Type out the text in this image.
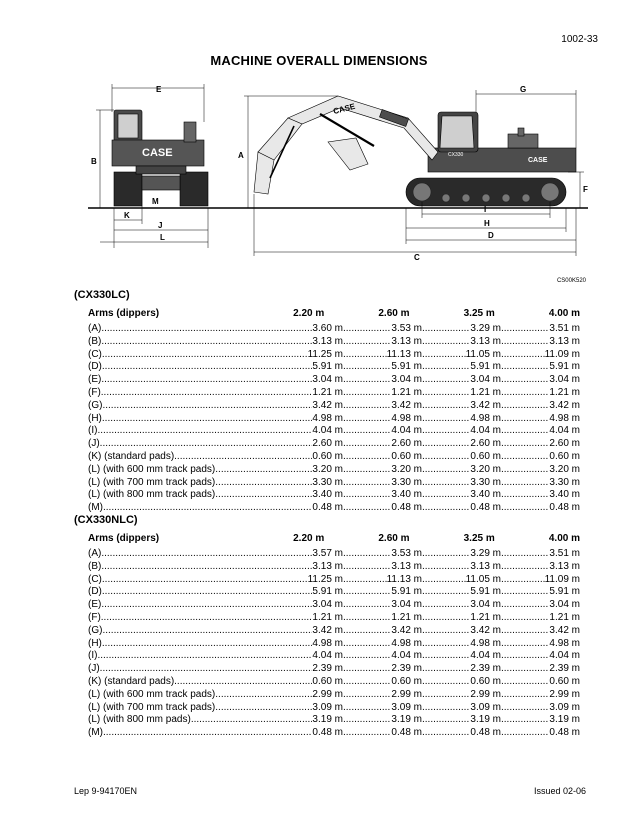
1002-33
MACHINE OVERALL DIMENSIONS
CASE
CASE
CASE
CX330
E
B
A
G
F
K
J
L
M
I
H
D
C
CS00K520
(CX330LC)
Arms (dippers)	2.20 m	2.60 m	3.25 m	4.00 m
(A) .....	3.60 m .....	3.53 m .....	3.29 m .....	3.51 m
(B) .....	3.13 m .....	3.13 m .....	3.13 m .....	3.13 m
(C) .....	11.25 m .....	11.13 m .....	11.05 m .....	11.09 m
(D) .....	5.91 m .....	5.91 m .....	5.91 m .....	5.91 m
(E) .....	3.04 m .....	3.04 m .....	3.04 m .....	3.04 m
(F) .....	1.21 m .....	1.21 m .....	1.21 m .....	1.21 m
(G) .....	3.42 m .....	3.42 m .....	3.42 m .....	3.42 m
(H) .....	4.98 m .....	4.98 m .....	4.98 m .....	4.98 m
(I) .....	4.04 m .....	4.04 m .....	4.04 m .....	4.04 m
(J) .....	2.60 m .....	2.60 m .....	2.60 m .....	2.60 m
(K) (standard pads) .....	0.60 m .....	0.60 m .....	0.60 m .....	0.60 m
(L) (with 600 mm track pads) .....	3.20 m .....	3.20 m .....	3.20 m .....	3.20 m
(L) (with 700 mm track pads) .....	3.30 m .....	3.30 m .....	3.30 m .....	3.30 m
(L) (with 800 mm track pads) .....	3.40 m .....	3.40 m .....	3.40 m .....	3.40 m
(M) .....	0.48 m .....	0.48 m .....	0.48 m .....	0.48 m
(CX330NLC)
Arms (dippers)	2.20 m	2.60 m	3.25 m	4.00 m
(A) .....	3.57 m .....	3.53 m .....	3.29 m .....	3.51 m
(B) .....	3.13 m .....	3.13 m .....	3.13 m .....	3.13 m
(C) .....	11.25 m .....	11.13 m .....	11.05 m .....	11.09 m
(D) .....	5.91 m .....	5.91 m .....	5.91 m .....	5.91 m
(E) .....	3.04 m .....	3.04 m .....	3.04 m .....	3.04 m
(F) .....	1.21 m .....	1.21 m .....	1.21 m .....	1.21 m
(G) .....	3.42 m .....	3.42 m .....	3.42 m .....	3.42 m
(H) .....	4.98 m .....	4.98 m .....	4.98 m .....	4.98 m
(I) .....	4.04 m .....	4.04 m .....	4.04 m .....	4.04 m
(J) .....	2.39 m .....	2.39 m .....	2.39 m .....	2.39 m
(K) (standard pads) .....	0.60 m .....	0.60 m .....	0.60 m .....	0.60 m
(L) (with 600 mm track pads) .....	2.99 m .....	2.99 m .....	2.99 m .....	2.99 m
(L) (with 700 mm track pads) .....	3.09 m .....	3.09 m .....	3.09 m .....	3.09 m
(L) (with 800 mm pads) .....	3.19 m .....	3.19 m .....	3.19 m .....	3.19 m
(M) .....	0.48 m .....	0.48 m .....	0.48 m .....	0.48 m
Lep 9-94170EN	Issued 02-06
